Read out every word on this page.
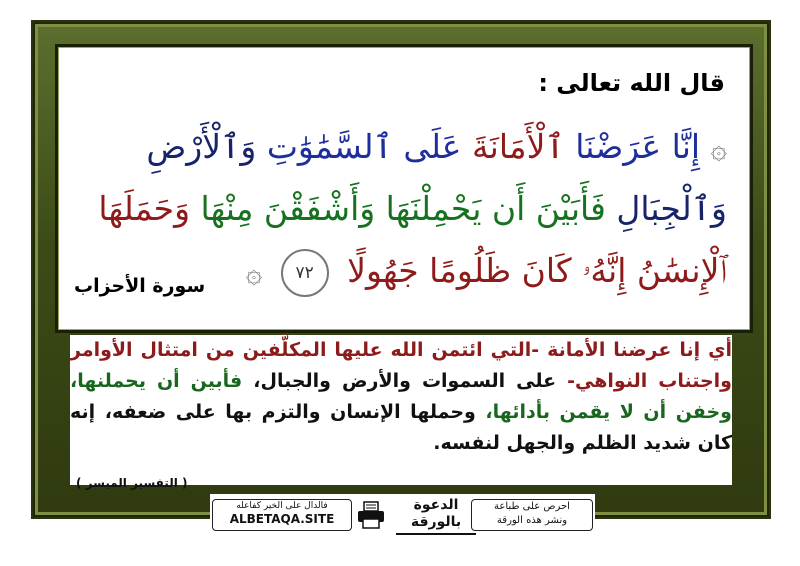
قال الله تعالى :
۞ إِنَّا عَرَضْنَا ٱلْأَمَانَةَ عَلَى ٱلسَّمَٰوَٰتِ وَٱلْأَرْضِ
وَٱلْجِبَالِ فَأَبَيْنَ أَن يَحْمِلْنَهَا وَأَشْفَقْنَ مِنْهَا وَحَمَلَهَا
ٱلْإِنسَٰنُ إِنَّهُۥ كَانَ ظَلُومًا جَهُولًا ٧٢ ۞
سورة الأحزاب
أي إنا عرضنا الأمانة -التي ائتمن الله عليها المكلَّفين من امتثال الأوامر واجتناب النواهي- على السموات والأرض والجبال، فأبين أن يحملنها، وخفن أن لا يقمن بأدائها، وحملها الإنسان والتزم بها على ضعفه، إنه كان شديد الظلم والجهل لنفسه.
( التفسير الميسر )
فالدال على الخير كفاعله
ALBETAQA.SITE
الدعوة
بالورقة
احرص على طباعة
ونشر هذه الورقة
